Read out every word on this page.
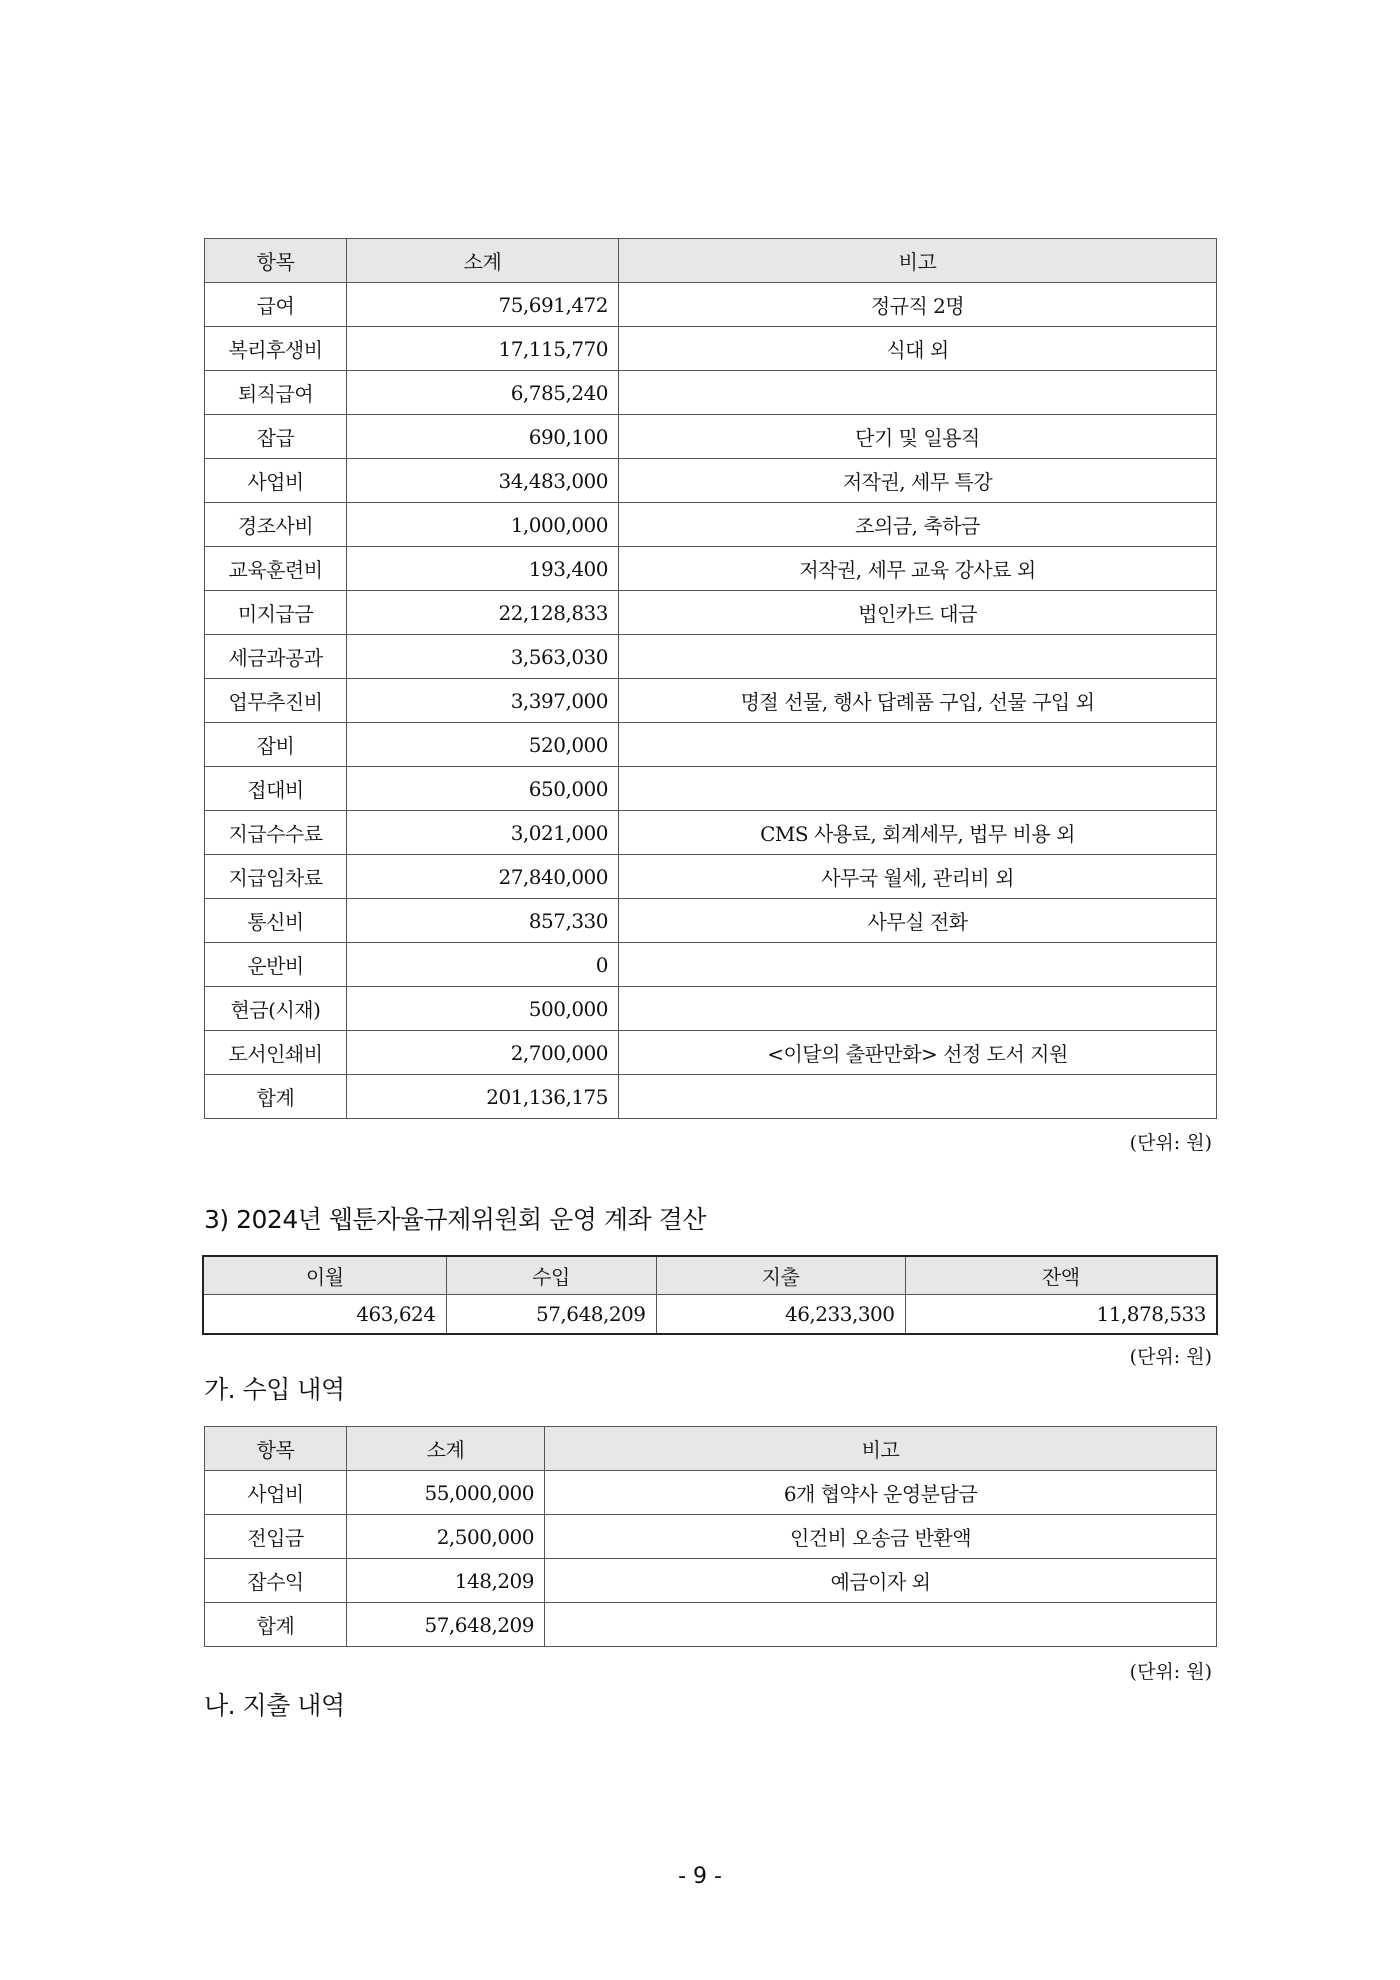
항목	소계	비고
급여	75,691,472	정규직 2명
복리후생비	17,115,770	식대 외
퇴직급여	6,785,240	
잡급	690,100	단기 및 일용직
사업비	34,483,000	저작권, 세무 특강
경조사비	1,000,000	조의금, 축하금
교육훈련비	193,400	저작권, 세무 교육 강사료 외
미지급금	22,128,833	법인카드 대금
세금과공과	3,563,030	
업무추진비	3,397,000	명절 선물, 행사 답례품 구입, 선물 구입 외
잡비	520,000	
접대비	650,000	
지급수수료	3,021,000	CMS 사용료, 회계세무, 법무 비용 외
지급임차료	27,840,000	사무국 월세, 관리비 외
통신비	857,330	사무실 전화
운반비	0	
현금(시재)	500,000	
도서인쇄비	2,700,000	<이달의 출판만화> 선정 도서 지원
합계	201,136,175	
(단위: 원)
3) 2024년 웹툰자율규제위원회 운영 계좌 결산
이월	수입	지출	잔액
463,624	57,648,209	46,233,300	11,878,533
(단위: 원)
가. 수입 내역
항목	소계	비고
사업비	55,000,000	6개 협약사 운영분담금
전입금	2,500,000	인건비 오송금 반환액
잡수익	148,209	예금이자 외
합계	57,648,209	
(단위: 원)
나. 지출 내역
- 9 -
